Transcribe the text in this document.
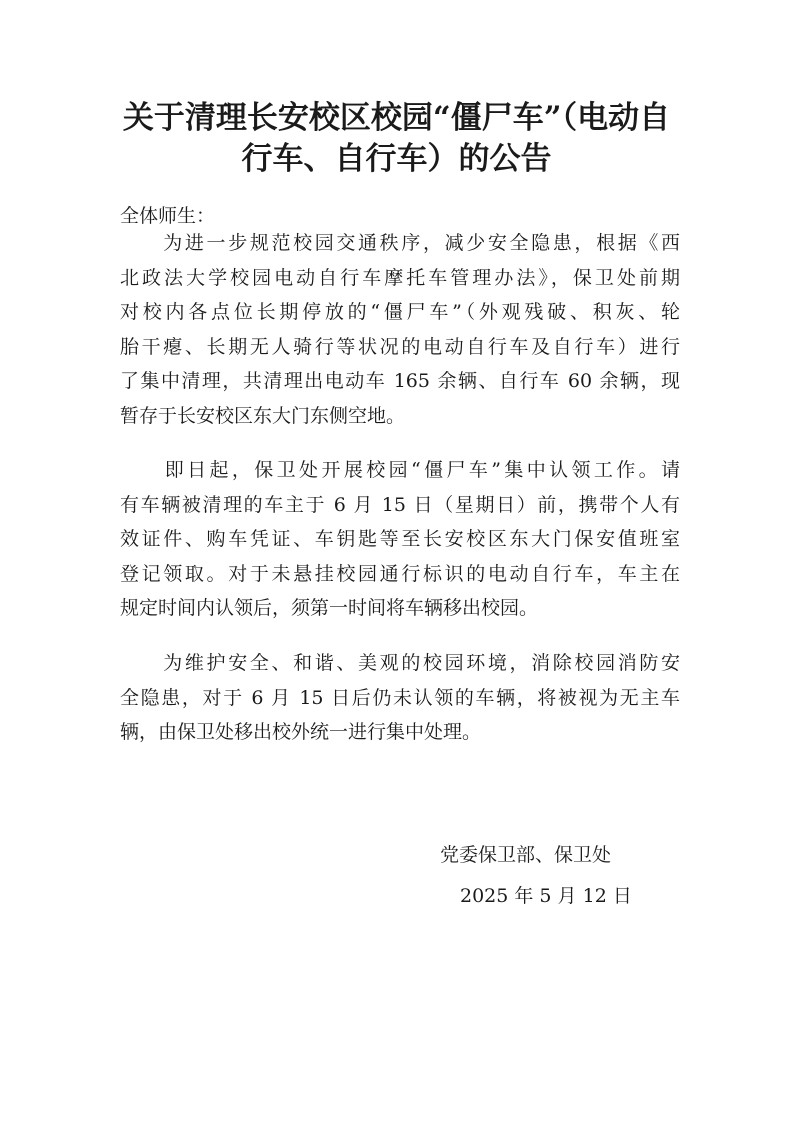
关于清理长安校区校园“僵尸车”（电动自
行车、自行车）的公告

全体师生：

　　为进一步规范校园交通秩序，减少安全隐患，根据《西
北政法大学校园电动自行车摩托车管理办法》，保卫处前期
对校内各点位长期停放的“僵尸车”（外观残破、积灰、轮
胎干瘪、长期无人骑行等状况的电动自行车及自行车）进行
了集中清理，共清理出电动车 165 余辆、自行车 60 余辆，现
暂存于长安校区东大门东侧空地。
　　即日起，保卫处开展校园“僵尸车”集中认领工作。请
有车辆被清理的车主于 6 月 15 日（星期日）前，携带个人有
效证件、购车凭证、车钥匙等至长安校区东大门保安值班室
登记领取。对于未悬挂校园通行标识的电动自行车，车主在
规定时间内认领后，须第一时间将车辆移出校园。
　　为维护安全、和谐、美观的校园环境，消除校园消防安
全隐患，对于 6 月 15 日后仍未认领的车辆，将被视为无主车
辆，由保卫处移出校外统一进行集中处理。

党委保卫部、保卫处

2025 年 5 月 12 日
